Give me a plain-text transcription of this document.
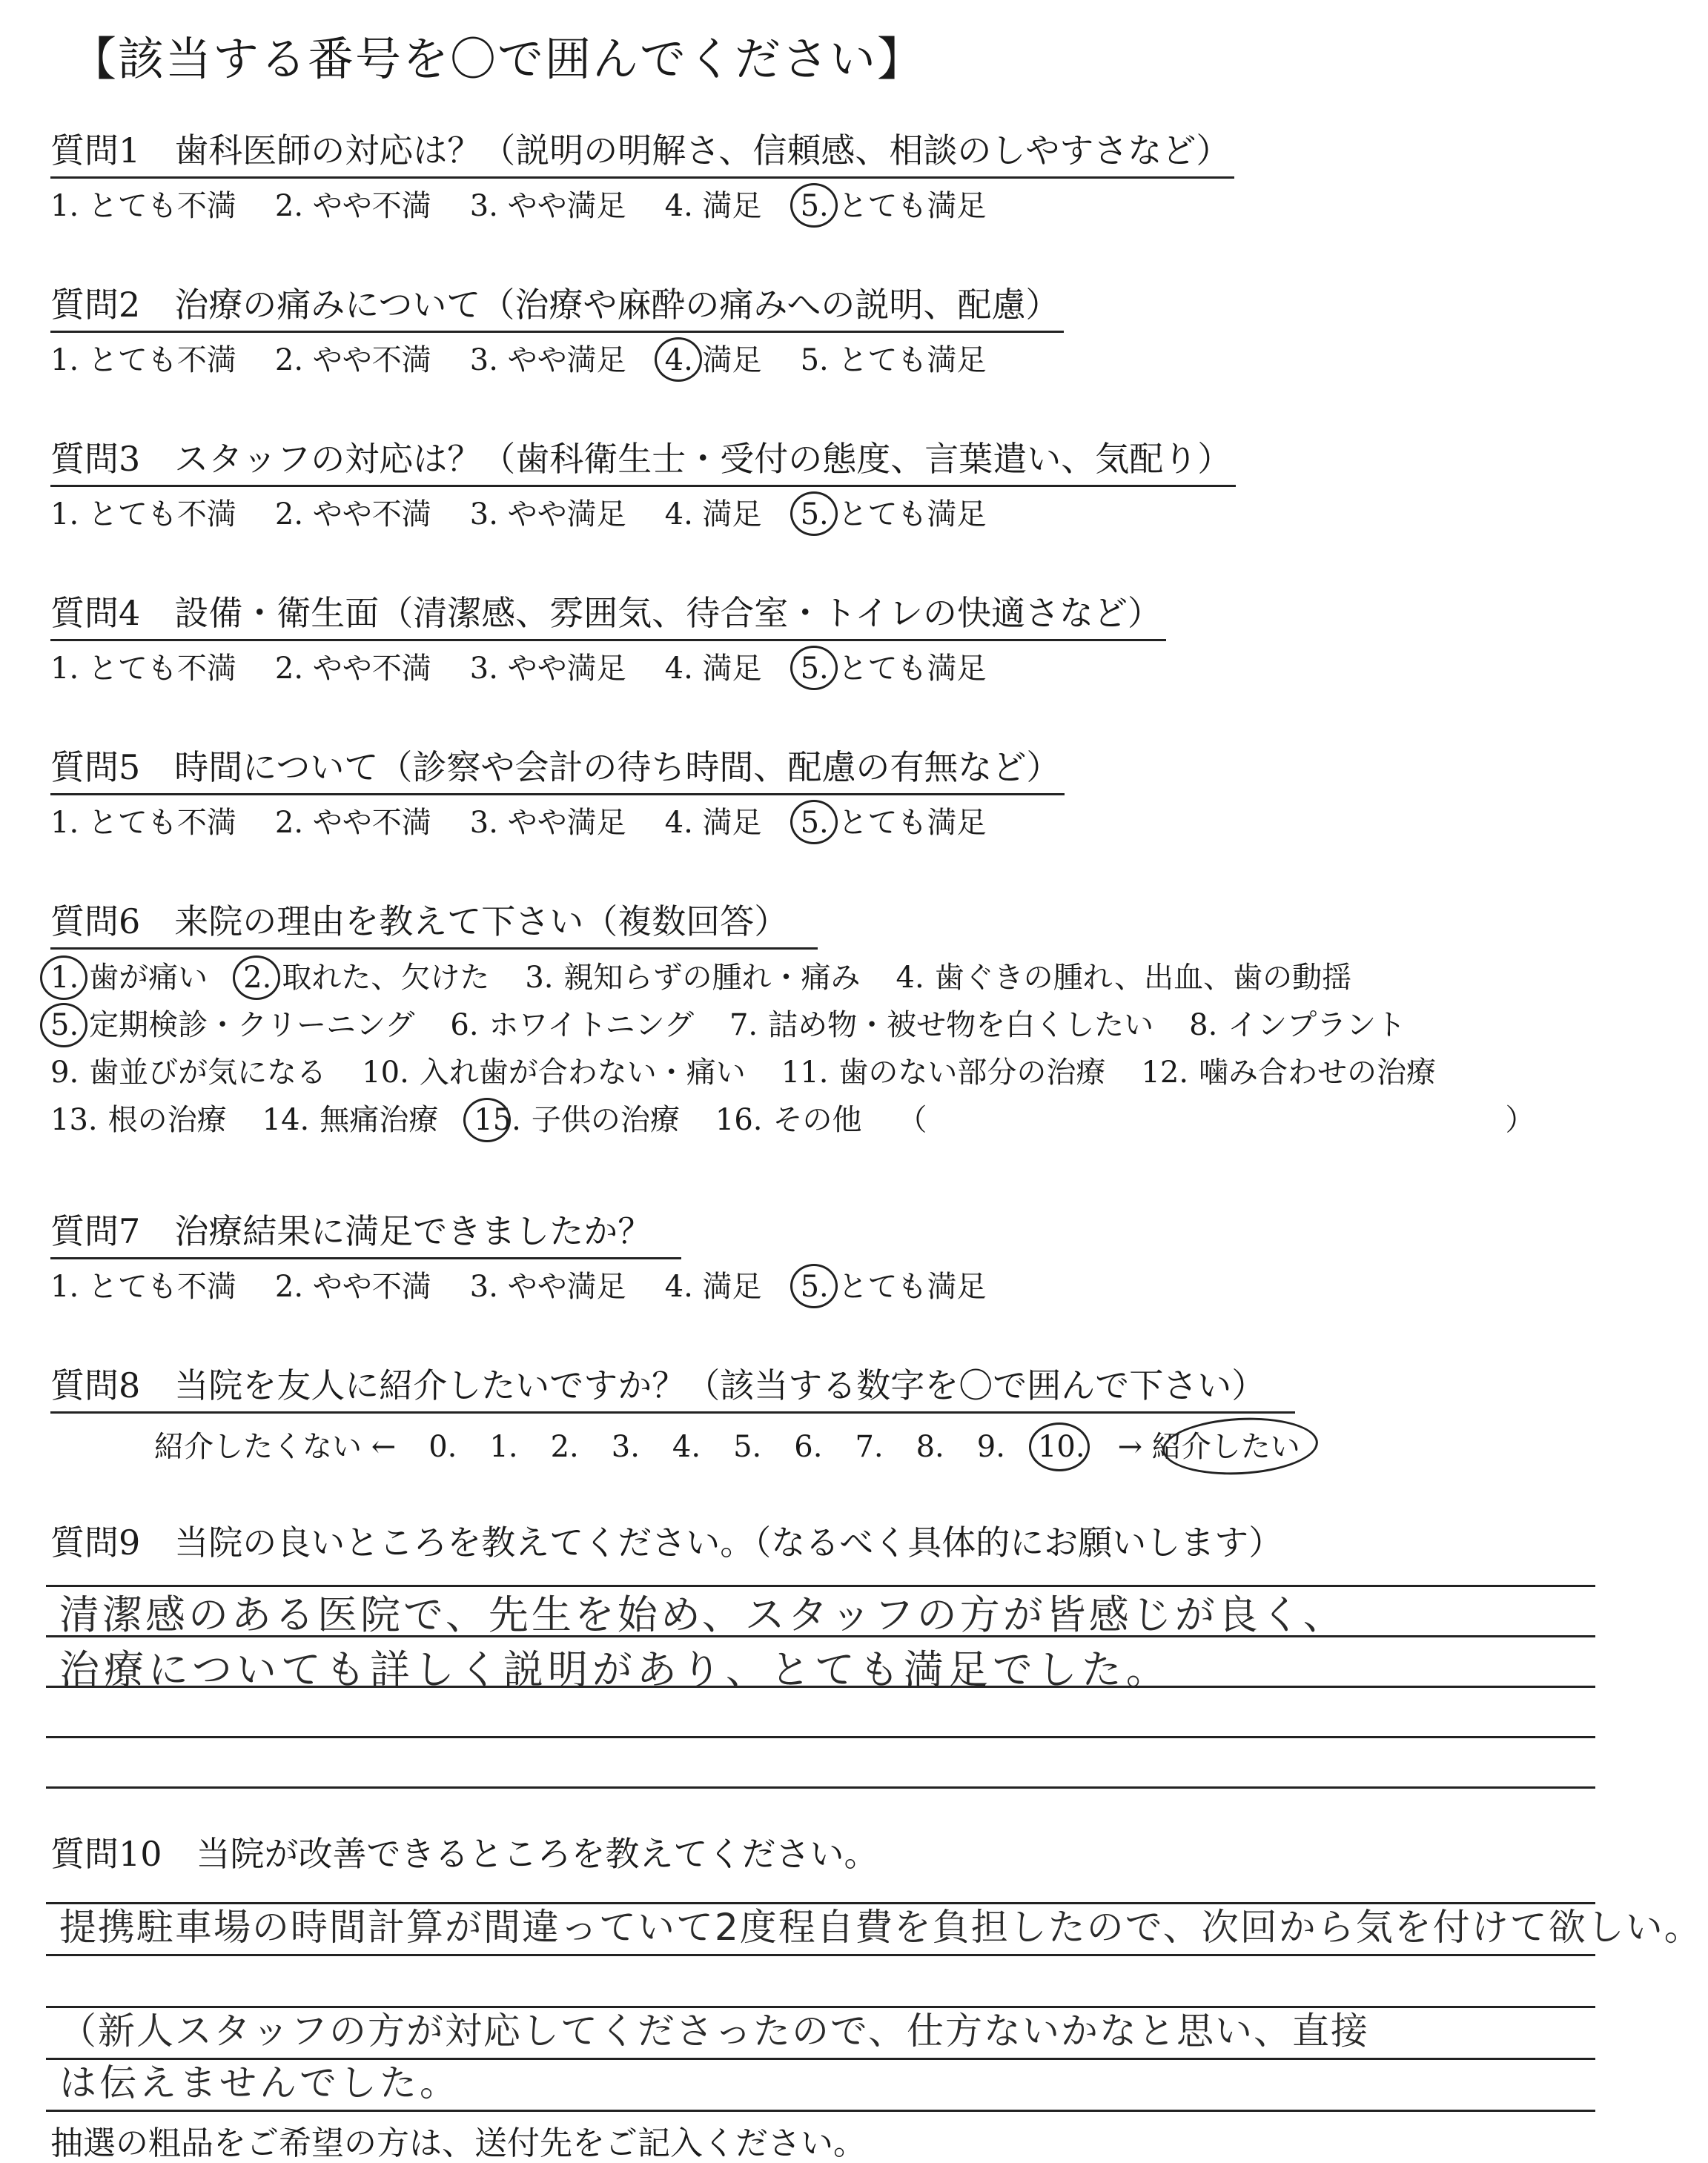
【該当する番号を〇で囲んでください】
質問1　歯科医師の対応は？（説明の明解さ、信頼感、相談のしやすさなど）
1. とても不満 2. やや不満 3. やや満足 4. 満足 5. とても満足
質問2　治療の痛みについて（治療や麻酔の痛みへの説明、配慮）
1. とても不満 2. やや不満 3. やや満足 4. 満足 5. とても満足
質問3　スタッフの対応は？（歯科衛生士・受付の態度、言葉遣い、気配り）
1. とても不満 2. やや不満 3. やや満足 4. 満足 5. とても満足
質問4　設備・衛生面（清潔感、雰囲気、待合室・トイレの快適さなど）
1. とても不満 2. やや不満 3. やや満足 4. 満足 5. とても満足
質問5　時間について（診察や会計の待ち時間、配慮の有無など）
1. とても不満 2. やや不満 3. やや満足 4. 満足 5. とても満足
質問6　来院の理由を教えて下さい（複数回答）
1. 歯が痛い 2. 取れた、欠けた 3. 親知らずの腫れ・痛み 4. 歯ぐきの腫れ、出血、歯の動揺
5. 定期検診・クリーニング 6. ホワイトニング 7. 詰め物・被せ物を白くしたい 8. インプラント
9. 歯並びが気になる 10. 入れ歯が合わない・痛い 11. 歯のない部分の治療 12. 噛み合わせの治療
13. 根の治療 14. 無痛治療 15. 子供の治療 16. その他 （	）
質問7　治療結果に満足できましたか？
1. とても不満 2. やや不満 3. やや満足 4. 満足 5. とても満足
質問8　当院を友人に紹介したいですか？（該当する数字を〇で囲んで下さい）
紹介したくない ← 0. 1. 2. 3. 4. 5. 6. 7. 8. 9. 10. → 紹介したい
質問9　当院の良いところを教えてください。（なるべく具体的にお願いします）
清潔感のある医院で、先生を始め、スタッフの方が皆感じが良く、
治療についても詳しく説明があり、とても満足でした。
質問10　当院が改善できるところを教えてください。
提携駐車場の時間計算が間違っていて2度程自費を負担したので、次回から気を付けて欲しい。
（新人スタッフの方が対応してくださったので、仕方ないかなと思い、直接
は伝えませんでした。
抽選の粗品をご希望の方は、送付先をご記入ください。
